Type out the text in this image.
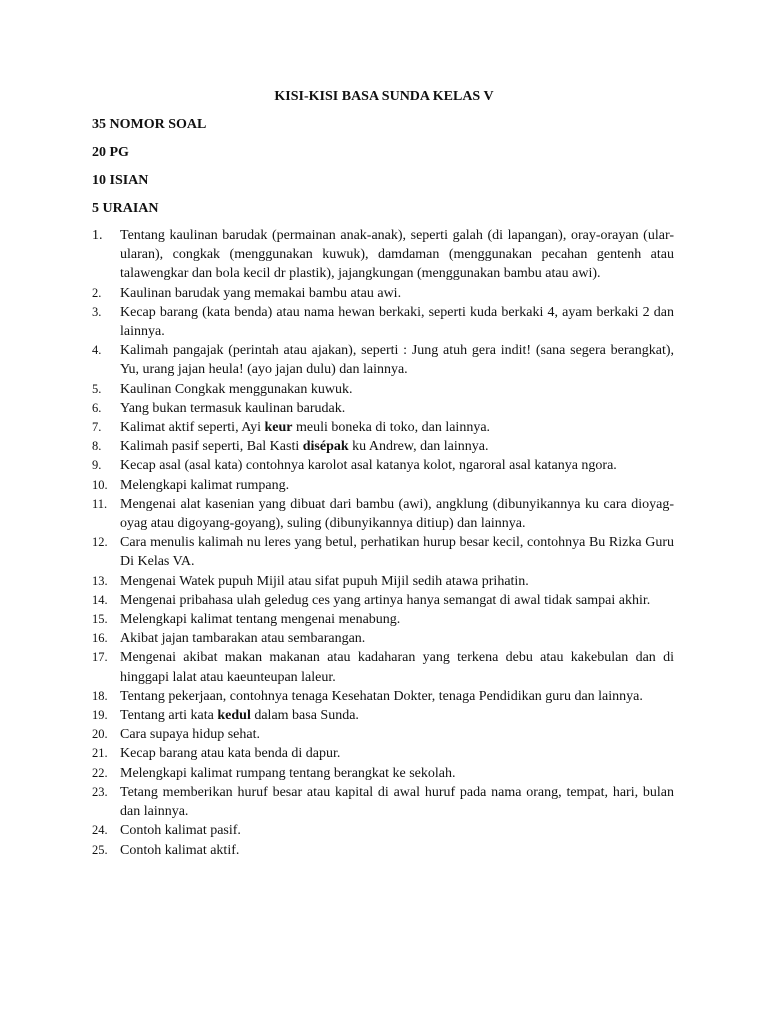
KISI-KISI BASA SUNDA KELAS V
35 NOMOR SOAL
20 PG
10 ISIAN
5 URAIAN
1.	Tentang kaulinan barudak (permainan anak-anak), seperti galah (di lapangan), oray-orayan (ular-ularan), congkak (menggunakan kuwuk), damdaman (menggunakan pecahan gentenh atau talawengkar dan bola kecil dr plastik), jajangkungan (menggunakan bambu atau awi).
2.	Kaulinan barudak yang memakai bambu atau awi.
3.	Kecap barang (kata benda) atau nama hewan berkaki, seperti kuda berkaki 4, ayam berkaki 2 dan lainnya.
4.	Kalimah pangajak (perintah atau ajakan), seperti : Jung atuh gera indit! (sana segera berangkat), Yu, urang jajan heula! (ayo jajan dulu) dan lainnya.
5.	Kaulinan Congkak menggunakan kuwuk.
6.	Yang bukan termasuk kaulinan barudak.
7.	Kalimat aktif seperti, Ayi keur meuli boneka di toko, dan lainnya.
8.	Kalimah pasif seperti, Bal Kasti disépak ku Andrew, dan lainnya.
9.	Kecap asal (asal kata) contohnya karolot asal katanya kolot, ngaroral asal katanya ngora.
10. Melengkapi kalimat rumpang.
11. Mengenai alat kasenian yang dibuat dari bambu (awi), angklung (dibunyikannya ku cara dioyag-oyag atau digoyang-goyang), suling (dibunyikannya ditiup) dan lainnya.
12. Cara menulis kalimah nu leres yang betul, perhatikan hurup besar kecil, contohnya Bu Rizka Guru Di Kelas VA.
13. Mengenai Watek pupuh Mijil atau sifat pupuh Mijil sedih atawa prihatin.
14. Mengenai pribahasa ulah geledug ces yang artinya hanya semangat di awal tidak sampai akhir.
15. Melengkapi kalimat tentang mengenai menabung.
16. Akibat jajan tambarakan atau sembarangan.
17. Mengenai akibat makan makanan atau kadaharan yang terkena debu atau kakebulan dan di hinggapi lalat atau kaeunteupan laleur.
18. Tentang pekerjaan, contohnya tenaga Kesehatan Dokter, tenaga Pendidikan guru dan lainnya.
19. Tentang arti kata kedul dalam basa Sunda.
20. Cara supaya hidup sehat.
21. Kecap barang atau kata benda di dapur.
22. Melengkapi kalimat rumpang tentang berangkat ke sekolah.
23. Tetang memberikan huruf besar atau kapital di awal huruf pada nama orang, tempat, hari, bulan dan lainnya.
24. Contoh kalimat pasif.
25. Contoh kalimat aktif.
